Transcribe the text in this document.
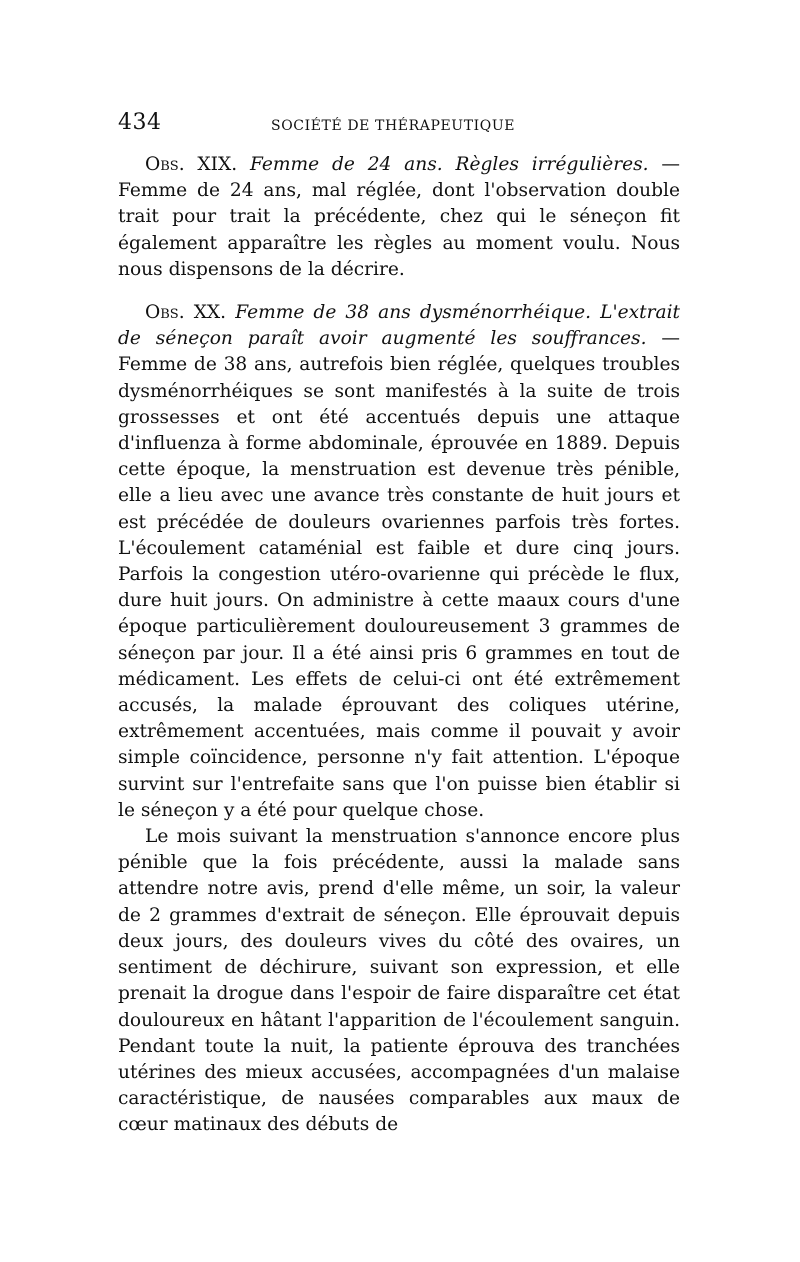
434	SOCIÉTÉ DE THÉRAPEUTIQUE

Obs. XIX. Femme de 24 ans. Règles irrégulières. — Femme de 24 ans, mal réglée, dont l'observation double trait pour trait la précédente, chez qui le séneçon fit également apparaître les règles au moment voulu. Nous nous dispensons de la décrire.

Obs. XX. Femme de 38 ans dysménorrhéique. L'extrait de séneçon paraît avoir augmenté les souffrances. — Femme de 38 ans, autrefois bien réglée, quelques troubles dysménorrhéiques se sont manifestés à la suite de trois grossesses et ont été accentués depuis une attaque d'influenza à forme abdominale, éprouvée en 1889. Depuis cette époque, la menstruation est devenue très pénible, elle a lieu avec une avance très constante de huit jours et est précédée de douleurs ovariennes parfois très fortes. L'écoulement cataménial est faible et dure cinq jours. Parfois la congestion utéro-ovarienne qui précède le flux, dure huit jours. On administre à cette maaux cours d'une époque particulièrement douloureusement 3 grammes de séneçon par jour. Il a été ainsi pris 6 grammes en tout de médicament. Les effets de celui-ci ont été extrêmement accusés, la malade éprouvant des coliques utérine, extrêmement accentuées, mais comme il pouvait y avoir simple coïncidence, personne n'y fait attention. L'époque survint sur l'entrefaite sans que l'on puisse bien établir si le séneçon y a été pour quelque chose.

Le mois suivant la menstruation s'annonce encore plus pénible que la fois précédente, aussi la malade sans attendre notre avis, prend d'elle même, un soir, la valeur de 2 grammes d'extrait de séneçon. Elle éprouvait depuis deux jours, des douleurs vives du côté des ovaires, un sentiment de déchirure, suivant son expression, et elle prenait la drogue dans l'espoir de faire disparaître cet état douloureux en hâtant l'apparition de l'écoulement sanguin. Pendant toute la nuit, la patiente éprouva des tranchées utérines des mieux accusées, accompagnées d'un malaise caractéristique, de nausées comparables aux maux de cœur matinaux des débuts de
